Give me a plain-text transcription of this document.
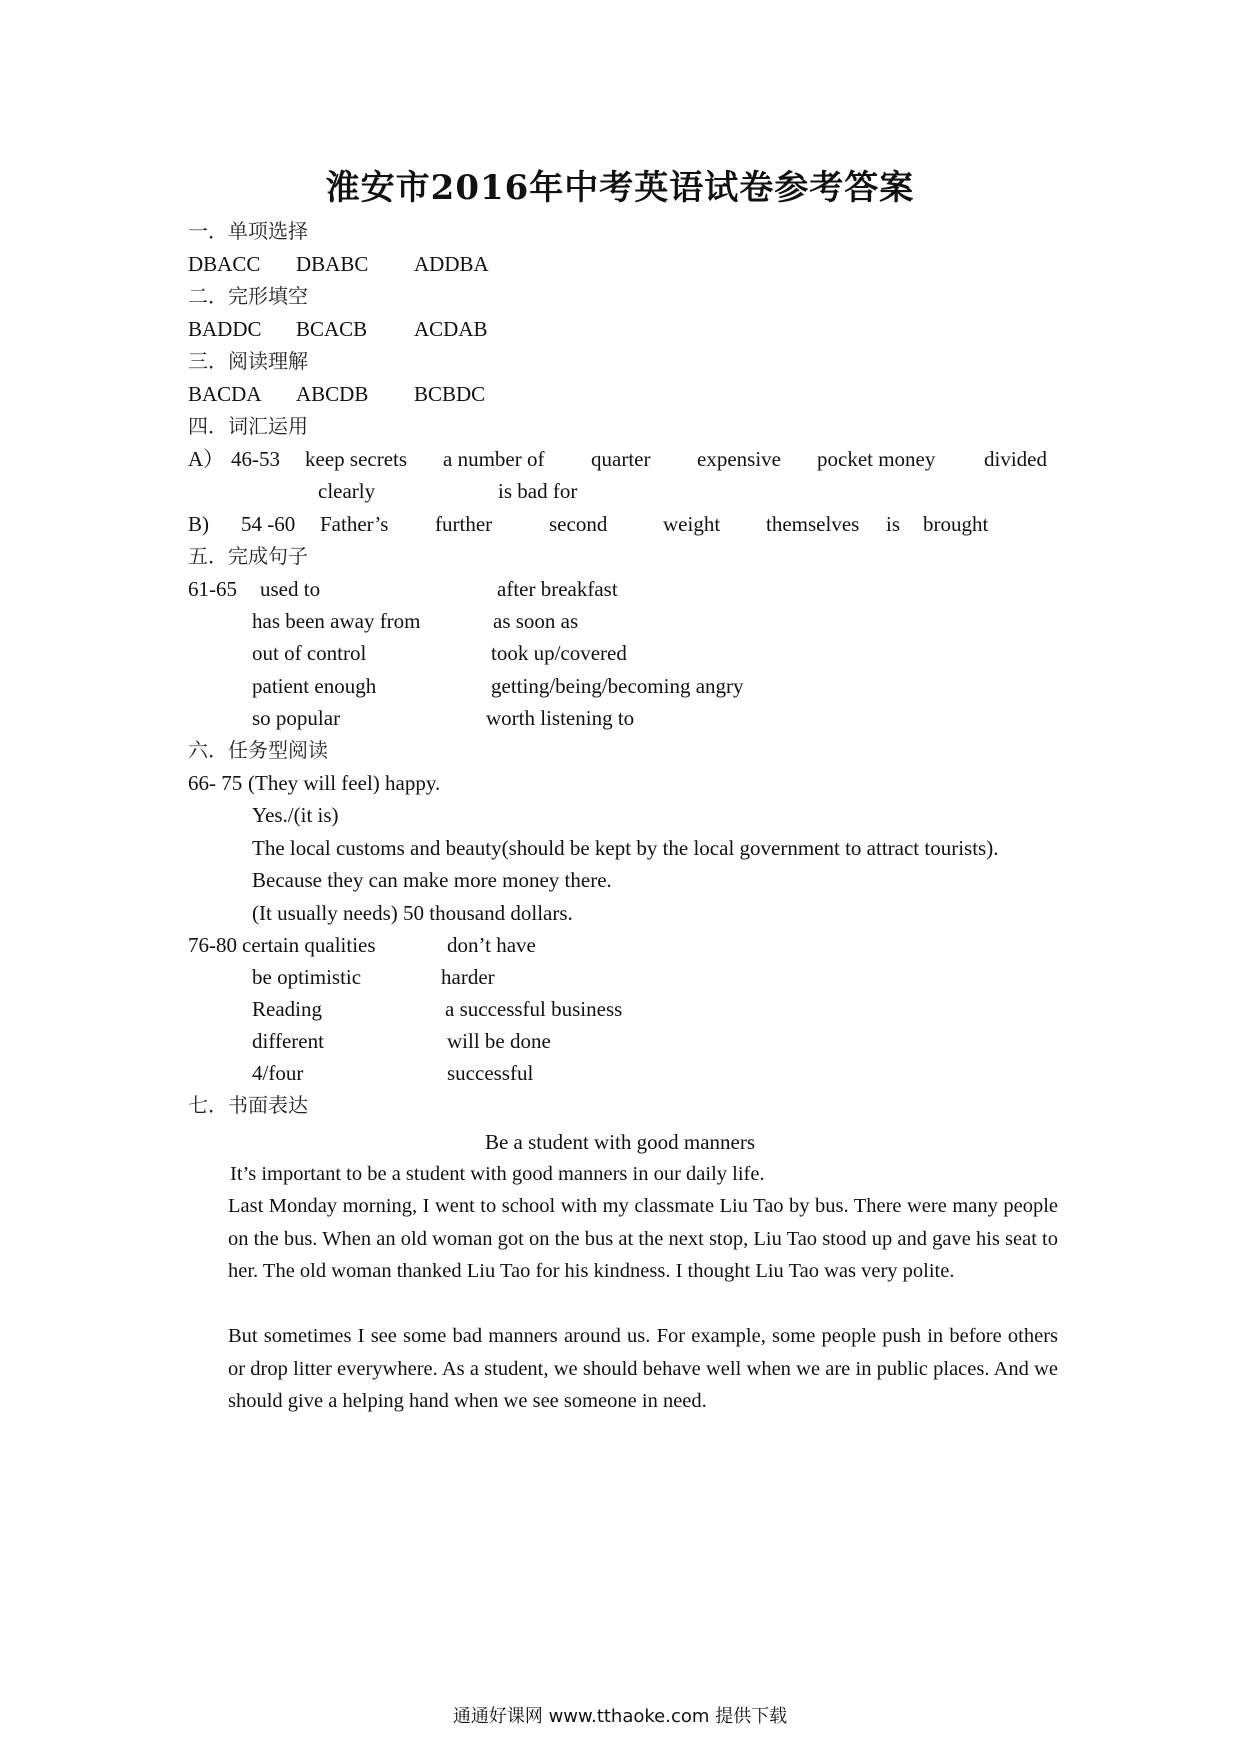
淮安市2016年中考英语试卷参考答案
一．单项选择
DBACC DBABC ADDBA
二．完形填空
BADDC BCACB ACDAB
三．阅读理解
BACDA ABCDB BCBDC
四．词汇运用
A） 46-53 keep secrets a number of quarter expensive pocket money divided
clearly	is bad for
B) 54 -60 Father’s further	second	weight themselves is brought
五．完成句子
61-65 used to	after breakfast
has been away from	as soon as
out of control	took up/covered
patient enough	getting/being/becoming angry
so popular	worth listening to
六．任务型阅读
66- 75 (They will feel) happy.
Yes./(it is)
The local customs and beauty(should be kept by the local government to attract tourists).
Because they can make more money there.
(It usually needs) 50 thousand dollars.
76-80 certain qualities	don’t have
be optimistic	harder
Reading	a successful business
different	will be done
4/four	successful
七．书面表达
Be a student with good manners
It’s important to be a student with good manners in our daily life.
Last Monday morning, I went to school with my classmate Liu Tao by bus. There were many people on the bus. When an old woman got on the bus at the next stop, Liu Tao stood up and gave his seat to her. The old woman thanked Liu Tao for his kindness. I thought Liu Tao was very polite.
But sometimes I see some bad manners around us. For example, some people push in before others or drop litter everywhere. As a student, we should behave well when we are in public places. And we should give a helping hand when we see someone in need.
通通好课网 www.tthaoke.com 提供下载
